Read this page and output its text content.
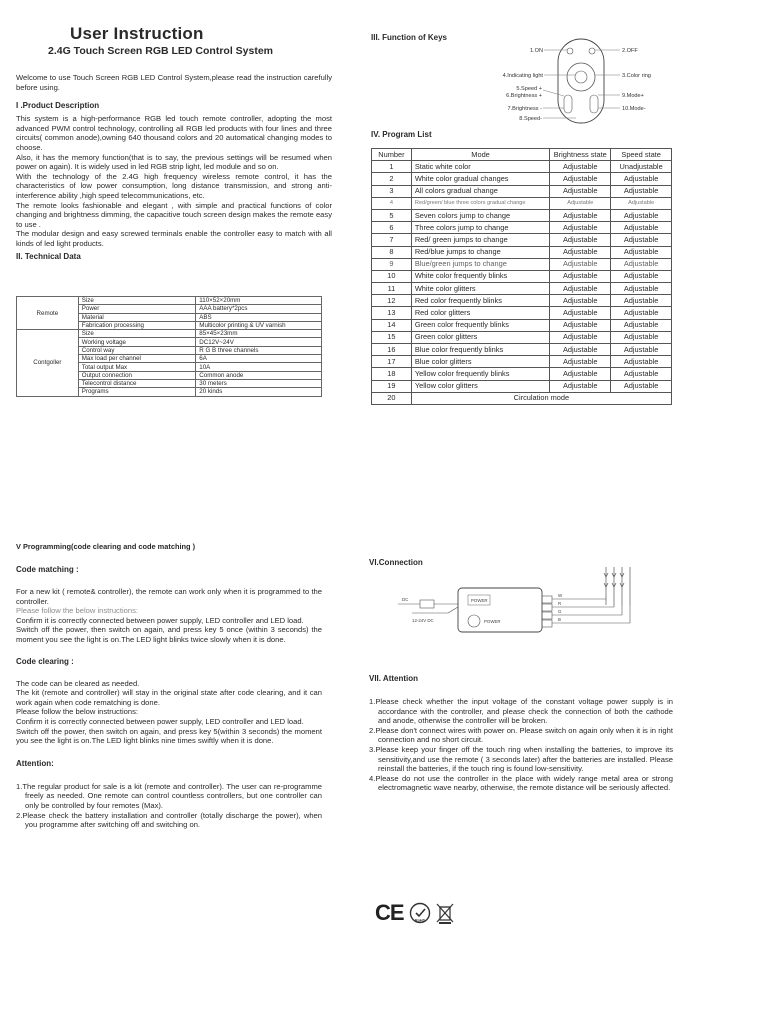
User Instruction
2.4G Touch Screen RGB LED Control System

Welcome to use Touch Screen RGB LED Control System,please read the instruction carefully before using.

I .Product Description

This system is a high-performance RGB led touch remote controller, adopting the most advanced PWM control technology, controlling all RGB led products with four lines and three circuits( common anode),owning 640 thousand colors and 20 automatical changing modes to choose.

Also, it has the memory function(that is to say, the previous settings will be resumed when power on again). It is widely used in led RGB strip light, led module and so on.

With the technology of the 2.4G high frequency wireless remote control, it has the characteristics of low power consumption, long distance transmission, and strong anti-interference ability ,high speed telecommunications, etc.

The remote looks fashionable and elegant , with simple and practical functions of color changing and brightness dimming, the capacitive touch screen design makes the remote easy to use .

The modular design and easy screwed terminals enable the controller easy to match with all kinds of led light products.

II. Technical Data
Remote	Size	110×52×20mm
	Power	AAA battery*2pcs
	Material	ABS
	Fabrication processing	Multicolor printing & UV varnish
Contgoller	Size	85×45×23mm
	Working voltage	DC12V~24V
	Control way	R G B three channels
	Max load per channel	6A
	Total output Max	10A
	Output connection	Common anode
	Telecontrol distance	30 meters
	Programs	20 kinds
III. Function of Keys
1.ON	2.OFF
4.Indicating light	3.Color ring
5.Speed +
6.Brightness +	9.Mode+
7.Brightness -	10.Mode-
8.Speed-
IV. Program List
Number	Mode	Brightness state	Speed state
1	Static white color	Adjustable	Unadjustable
2	White color gradual changes	Adjustable	Adjustable
3	All colors gradual change	Adjustable	Adjustable
4	Red/green/ blue three colors gradual change	Adjustable	Adjustable
5	Seven colors jump to change	Adjustable	Adjustable
6	Three colors jump to change	Adjustable	Adjustable
7	Red/ green jumps to change	Adjustable	Adjustable
8	Red/blue jumps to change	Adjustable	Adjustable
9	Blue/green jumps to change	Adjustable	Adjustable
10	White color frequently blinks	Adjustable	Adjustable
11	White color glitters	Adjustable	Adjustable
12	Red color frequently blinks	Adjustable	Adjustable
13	Red color glitters	Adjustable	Adjustable
14	Green color frequently blinks	Adjustable	Adjustable
15	Green color glitters	Adjustable	Adjustable
16	Blue color frequently blinks	Adjustable	Adjustable
17	Blue color glitters	Adjustable	Adjustable
18	Yellow color frequently blinks	Adjustable	Adjustable
19	Yellow color glitters	Adjustable	Adjustable
20	Circulation mode		
V Programming(code clearing and code matching )
Code matching :

For a new kit ( remote& controller), the remote can work only when it is programmed to the controller.

Please follow the below instructions:

Confirm it is correctly connected between power supply, LED controller and LED load.

Switch off the power, then switch on again, and press key 5 once (within 3 seconds) the moment you see the light is on.The LED light blinks twice slowly when it is done.

Code clearing :

The code can be cleared as needed.

The kit (remote and controller) will stay in the original state after code clearing, and it can work again when code rematching is done.

Please follow the below instructions:

Confirm it is correctly connected between power supply, LED controller and LED load.

Switch off the power, then switch on again, and press key 5(within 3 seconds) the moment you see the light is on.The LED light blinks nine times swiftly when it is done.

Attention:

1.The regular product for sale is a kit (remote and controller). The user can re-programme freely as needed. One remote can control countless controllers, but one controller can only be controlled by four remotes (Max).

2.Please check the battery installation and controller (totally discharge the power), when you programme after switching off and switching on.

VI.Connection
DC
12-24V DC
POWER
POWER
W
R
G
B
VII. Attention

1.Please check whether the input voltage of the constant voltage power supply is in accordance with the controller, and please check the connection of both the cathode and anode, otherwise the controller will be broken.

2.Please don't connect wires with power on. Please switch on again only when it is in right connection and no short circuit.

3.Please keep your finger off the touch ring when installing the batteries, to improve its sensitivity,and use the remote ( 3 seconds later) after the batteries are installed. Please reinstall the batteries, if the touch ring is found low-sensitivity.

4.Please do not use the controller in the place with widely range metal area or strong electromagnetic wave nearby, otherwise, the remote distance will be seriously affected.

CE	RoHS
